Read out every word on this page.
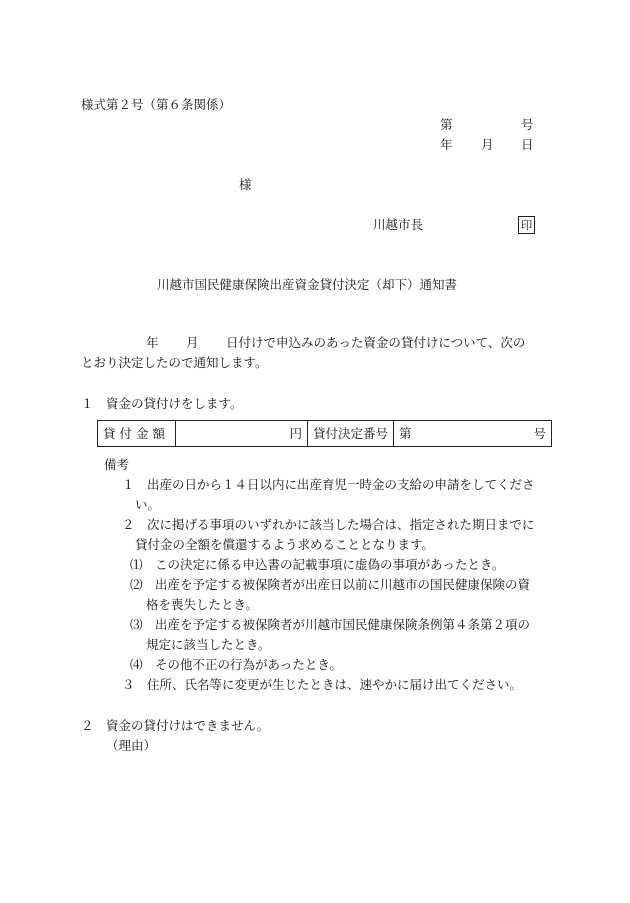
様式第２号（第６条関係）
第	号
年 月 日
様
川越市長	印
川越市国民健康保険出産資金貸付決定（却下）通知書
年 月 日付けで申込みのあった資金の貸付けについて、次の
とおり決定したので通知します。
１　資金の貸付けをします。
貸付金額	円	貸付決定番号	第	号
備考
１　出産の日から１４日以内に出産育児一時金の支給の申請をしてくださ
い。
２　次に掲げる事項のいずれかに該当した場合は、指定された期日までに
貸付金の全額を償還するよう求めることとなります。
⑴　この決定に係る申込書の記載事項に虚偽の事項があったとき。
⑵　出産を予定する被保険者が出産日以前に川越市の国民健康保険の資
格を喪失したとき。
⑶　出産を予定する被保険者が川越市国民健康保険条例第４条第２項の
規定に該当したとき。
⑷　その他不正の行為があったとき。
３　住所、氏名等に変更が生じたときは、速やかに届け出てください。
２　資金の貸付けはできません。
（理由）
